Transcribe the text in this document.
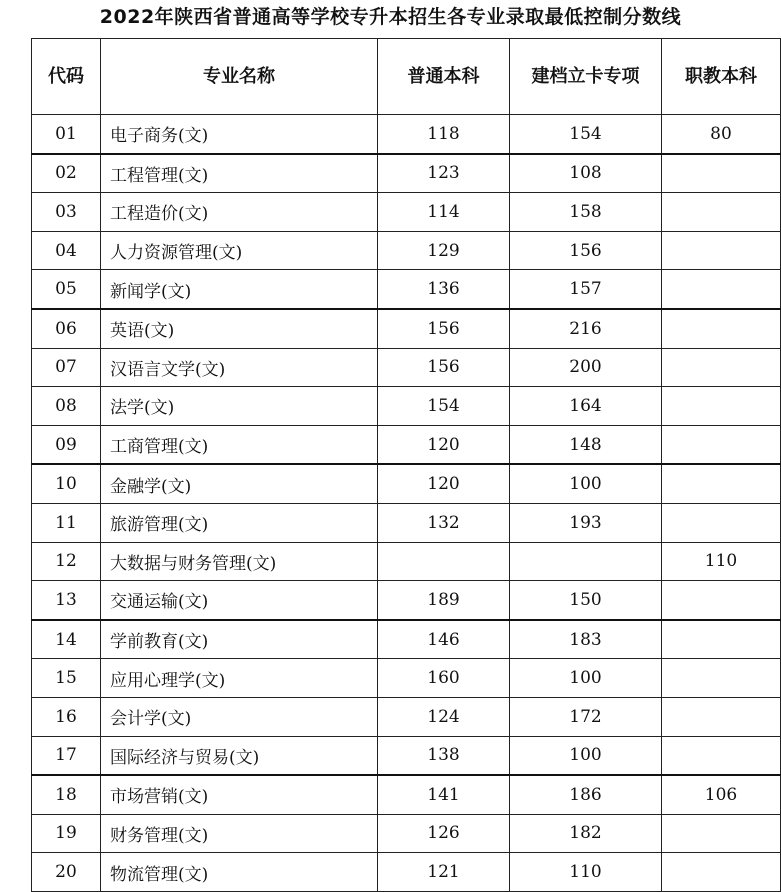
2022年陕西省普通高等学校专升本招生各专业录取最低控制分数线
代码	专业名称	普通本科	建档立卡专项	职教本科
01	电子商务(文)	118	154	80
02	工程管理(文)	123	108	
03	工程造价(文)	114	158	
04	人力资源管理(文)	129	156	
05	新闻学(文)	136	157	
06	英语(文)	156	216	
07	汉语言文学(文)	156	200	
08	法学(文)	154	164	
09	工商管理(文)	120	148	
10	金融学(文)	120	100	
11	旅游管理(文)	132	193	
12	大数据与财务管理(文)			110
13	交通运输(文)	189	150	
14	学前教育(文)	146	183	
15	应用心理学(文)	160	100	
16	会计学(文)	124	172	
17	国际经济与贸易(文)	138	100	
18	市场营销(文)	141	186	106
19	财务管理(文)	126	182	
20	物流管理(文)	121	110	
